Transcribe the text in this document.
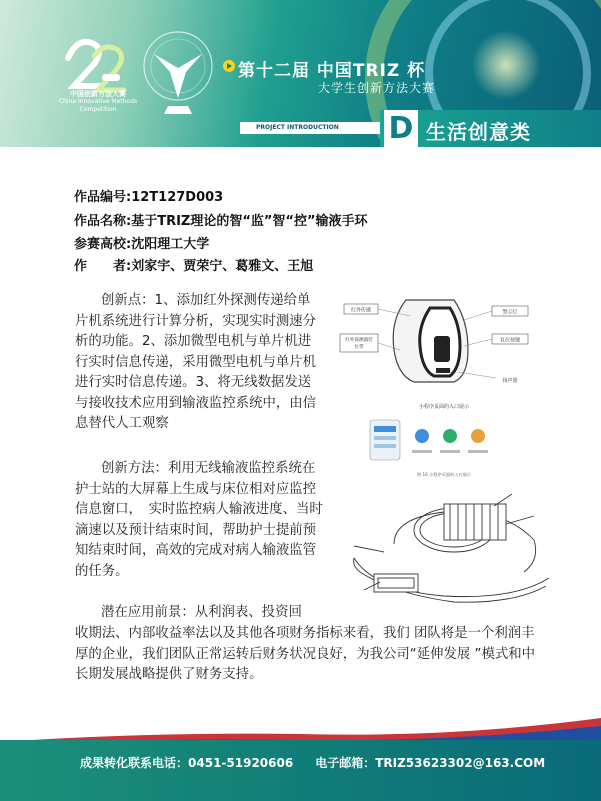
中国创新方法大赛
China Innovative Methods Competition
第十二届 中国TRIZ 杯
大学生创新方法大赛
PROJECT INTRODUCTION D 生活创意类
作品编号:12T127D003
作品名称:基于TRIZ理论的智“监”智“控”输液手环
参赛高校:沈阳理工大学
作　　者:刘家宇、贾荣宁、葛雅文、王旭

创新点：1、添加红外探测传递给单片机系统进行计算分析，实现实时测速分析的功能。2、添加微型电机与单片机进行实时信息传递，采用微型电机与单片机进行实时信息传递。3、将无线数据发送与接收技术应用到输液监控系统中，由信息替代人工观察

创新方法：利用无线输液监控系统在护士站的大屏幕上生成与床位相对应监控信息窗口，　实时监控病人输液进度、当时滴速以及预计结束时间，帮助护士提前预知结束时间，高效的完成对病人输液监管的任务。

潜在应用前景：从利润表、投资回

收期法、内部收益率法以及其他各项财务指标来看，我们 团队将是一个利润丰厚的企业，我们团队正常运转后财务状况良好，为我公司“延伸发展 ”模式和中长期发展战略提供了财务支持。

红外传感
红外探测器装
位带
警示灯
复位按键
扬声器
小程序页面的入口展示
图 16 小程序页面的入口展示
成果转化联系电话：0451-51920606 电子邮箱：TRIZ53623302@163.COM
